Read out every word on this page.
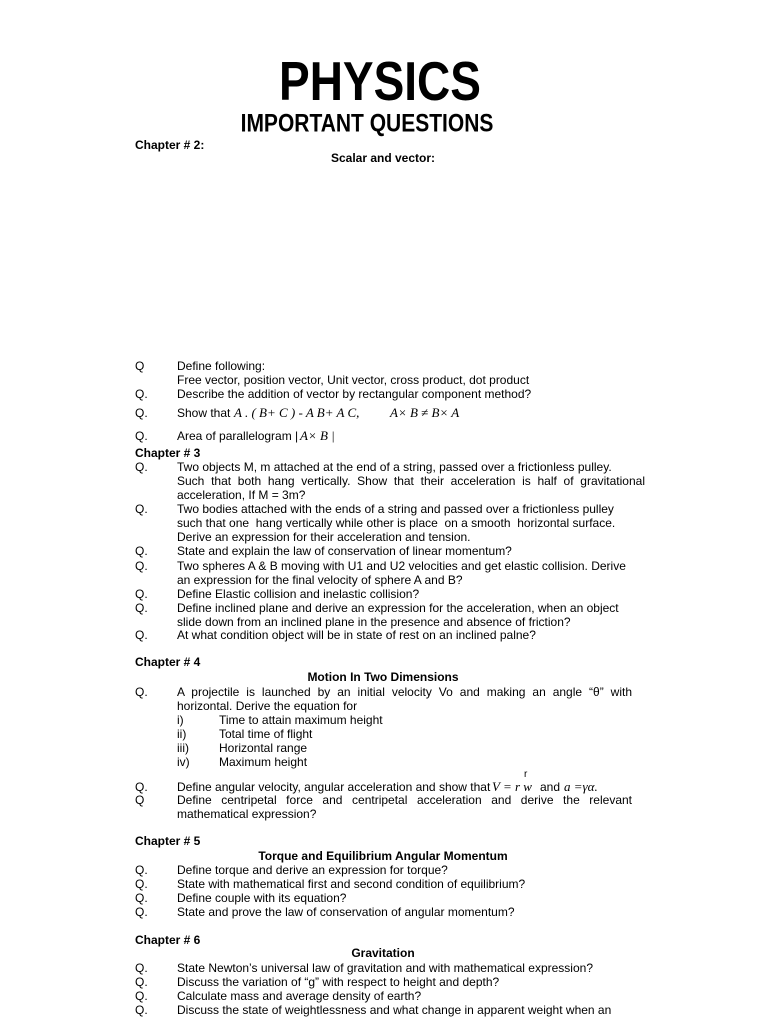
PHYSICS
IMPORTANT QUESTIONS
Chapter # 2:
Scalar and vector:
Q	Define following:
Free vector, position vector, Unit vector, cross product, dot product
Q. Describe the addition of vector by rectangular component method?
Q. Show that A . ( B+ C ) - A B+ A C, A× B ≠ B× A
Q. Area of parallelogram | A× B |
Chapter # 3
Q. Two objects M, m attached at the end of a string, passed over a frictionless pulley.
Such that both hang vertically. Show that their acceleration is half of gravitational
acceleration, If M = 3m?
Q. Two bodies attached with the ends of a string and passed over a frictionless pulley
such that one  hang vertically while other is place  on a smooth  horizontal surface.
Derive an expression for their acceleration and tension.
Q. State and explain the law of conservation of linear momentum?
Q. Two spheres A & B moving with U1 and U2 velocities and get elastic collision. Derive
an expression for the final velocity of sphere A and B?
Q. Define Elastic collision and inelastic collision?
Q. Define inclined plane and derive an expression for the acceleration, when an object
slide down from an inclined plane in the presence and absence of friction?
Q. At what condition object will be in state of rest on an inclined palne?
Chapter # 4
Motion In Two Dimensions
Q. A projectile is launched by an initial velocity Vo and making an angle “θ” with
horizontal. Derive the equation for
i)	Time to attain maximum height
ii)	Total time of flight
iii)	Horizontal range
iv) Maximum height
r
Q. Define angular velocity, angular acceleration and show that V = r w and a =γα.
Q	Define centripetal force and centripetal acceleration and derive the relevant
mathematical expression?
Chapter # 5
Torque and Equilibrium Angular Momentum
Q. Define torque and derive an expression for torque?
Q. State with mathematical first and second condition of equilibrium?
Q. Define couple with its equation?
Q. State and prove the law of conservation of angular momentum?
Chapter # 6
Gravitation
Q. State Newton’s universal law of gravitation and with mathematical expression?
Q. Discuss the variation of “g” with respect to height and depth?
Q. Calculate mass and average density of earth?
Q. Discuss the state of weightlessness and what change in apparent weight when an
